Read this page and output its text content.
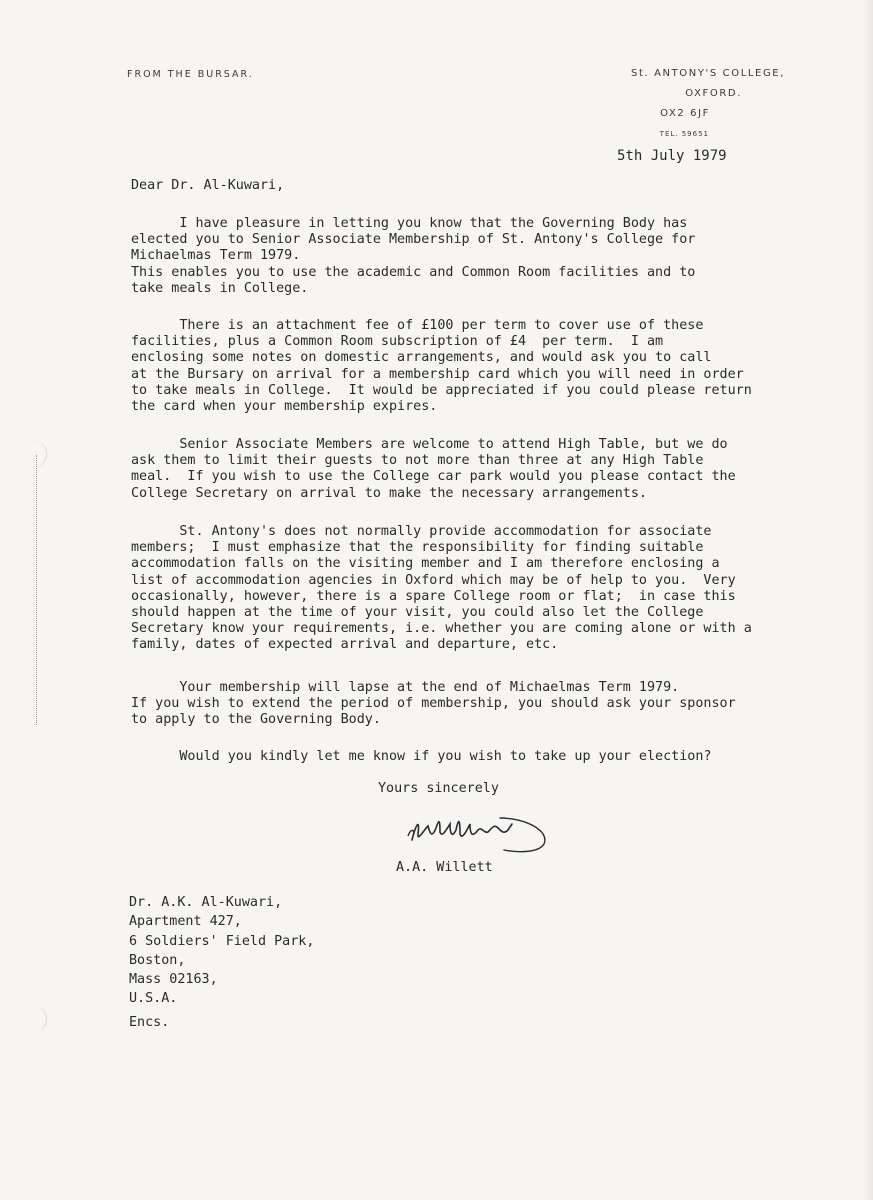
FROM THE BURSAR.	St. ANTONY'S COLLEGE,
OXFORD.
OX2 6JF
TEL. 59651
5th July 1979
Dear Dr. Al-Kuwari,
I have pleasure in letting you know that the Governing Body has
elected you to Senior Associate Membership of St. Antony's College for
Michaelmas Term 1979.
This enables you to use the academic and Common Room facilities and to
take meals in College.
There is an attachment fee of £100 per term to cover use of these
facilities, plus a Common Room subscription of £4  per term.  I am
enclosing some notes on domestic arrangements, and would ask you to call
at the Bursary on arrival for a membership card which you will need in order
to take meals in College.  It would be appreciated if you could please return
the card when your membership expires.
Senior Associate Members are welcome to attend High Table, but we do
ask them to limit their guests to not more than three at any High Table
meal.  If you wish to use the College car park would you please contact the
College Secretary on arrival to make the necessary arrangements.
St. Antony's does not normally provide accommodation for associate
members;  I must emphasize that the responsibility for finding suitable
accommodation falls on the visiting member and I am therefore enclosing a
list of accommodation agencies in Oxford which may be of help to you.  Very
occasionally, however, there is a spare College room or flat;  in case this
should happen at the time of your visit, you could also let the College
Secretary know your requirements, i.e. whether you are coming alone or with a
family, dates of expected arrival and departure, etc.
Your membership will lapse at the end of Michaelmas Term 1979.
If you wish to extend the period of membership, you should ask your sponsor
to apply to the Governing Body.
Would you kindly let me know if you wish to take up your election?
Yours sincerely
A.A. Willett
Dr. A.K. Al-Kuwari,
Apartment 427,
6 Soldiers' Field Park,
Boston,
Mass 02163,
U.S.A.
Encs.
